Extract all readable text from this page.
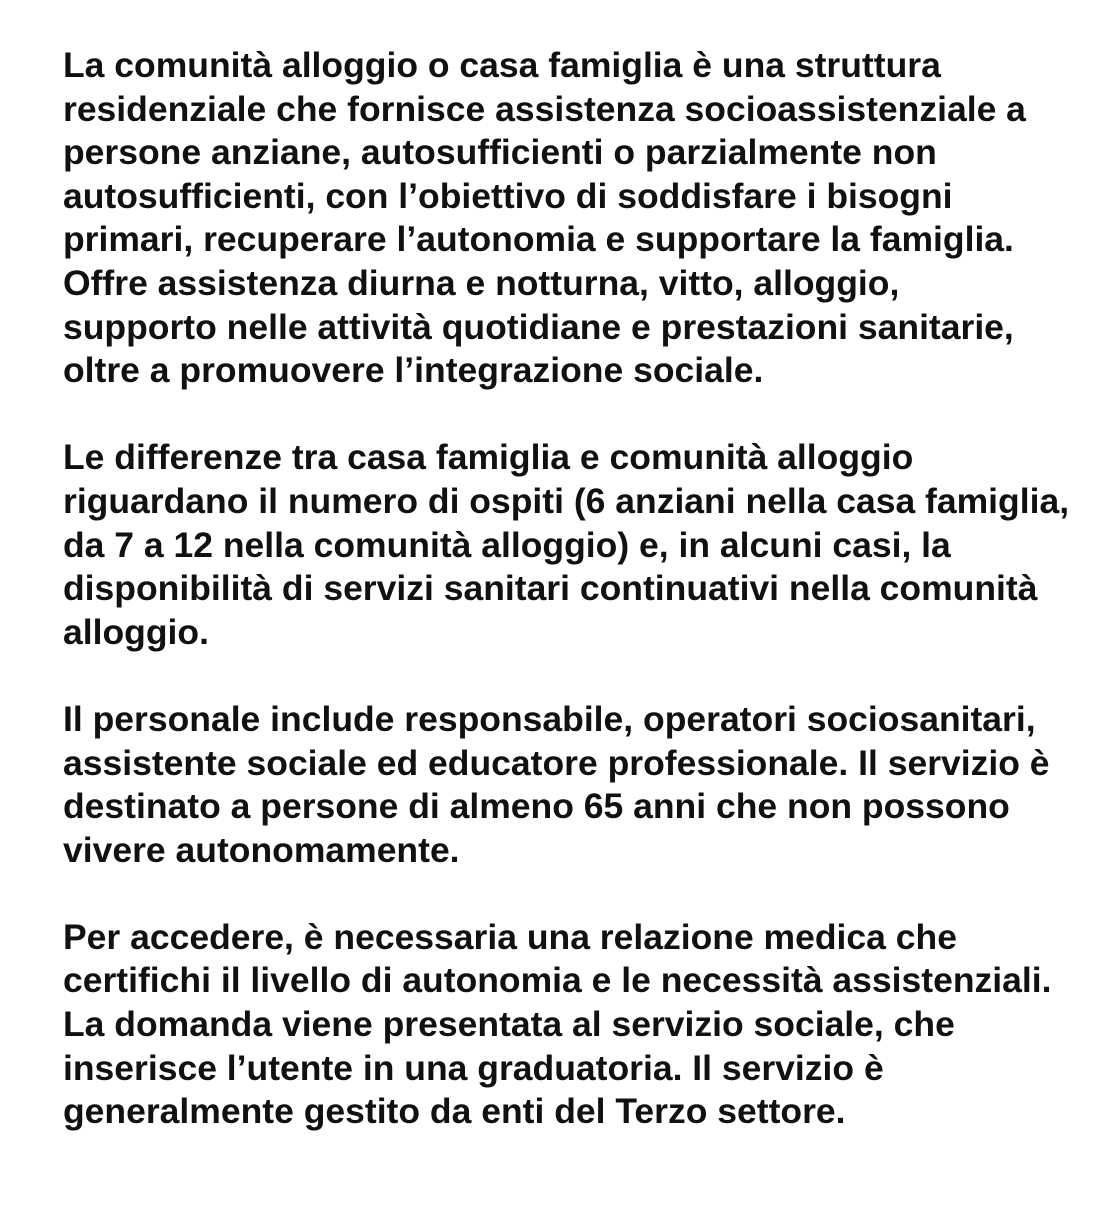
La comunità alloggio o casa famiglia è una struttura
residenziale che fornisce assistenza socioassistenziale a
persone anziane, autosufficienti o parzialmente non
autosufficienti, con l’obiettivo di soddisfare i bisogni
primari, recuperare l’autonomia e supportare la famiglia.
Offre assistenza diurna e notturna, vitto, alloggio,
supporto nelle attività quotidiane e prestazioni sanitarie,
oltre a promuovere l’integrazione sociale.

Le differenze tra casa famiglia e comunità alloggio
riguardano il numero di ospiti (6 anziani nella casa famiglia,
da 7 a 12 nella comunità alloggio) e, in alcuni casi, la
disponibilità di servizi sanitari continuativi nella comunità
alloggio.

Il personale include responsabile, operatori sociosanitari,
assistente sociale ed educatore professionale. Il servizio è
destinato a persone di almeno 65 anni che non possono
vivere autonomamente.

Per accedere, è necessaria una relazione medica che
certifichi il livello di autonomia e le necessità assistenziali.
La domanda viene presentata al servizio sociale, che
inserisce l’utente in una graduatoria. Il servizio è
generalmente gestito da enti del Terzo settore.
